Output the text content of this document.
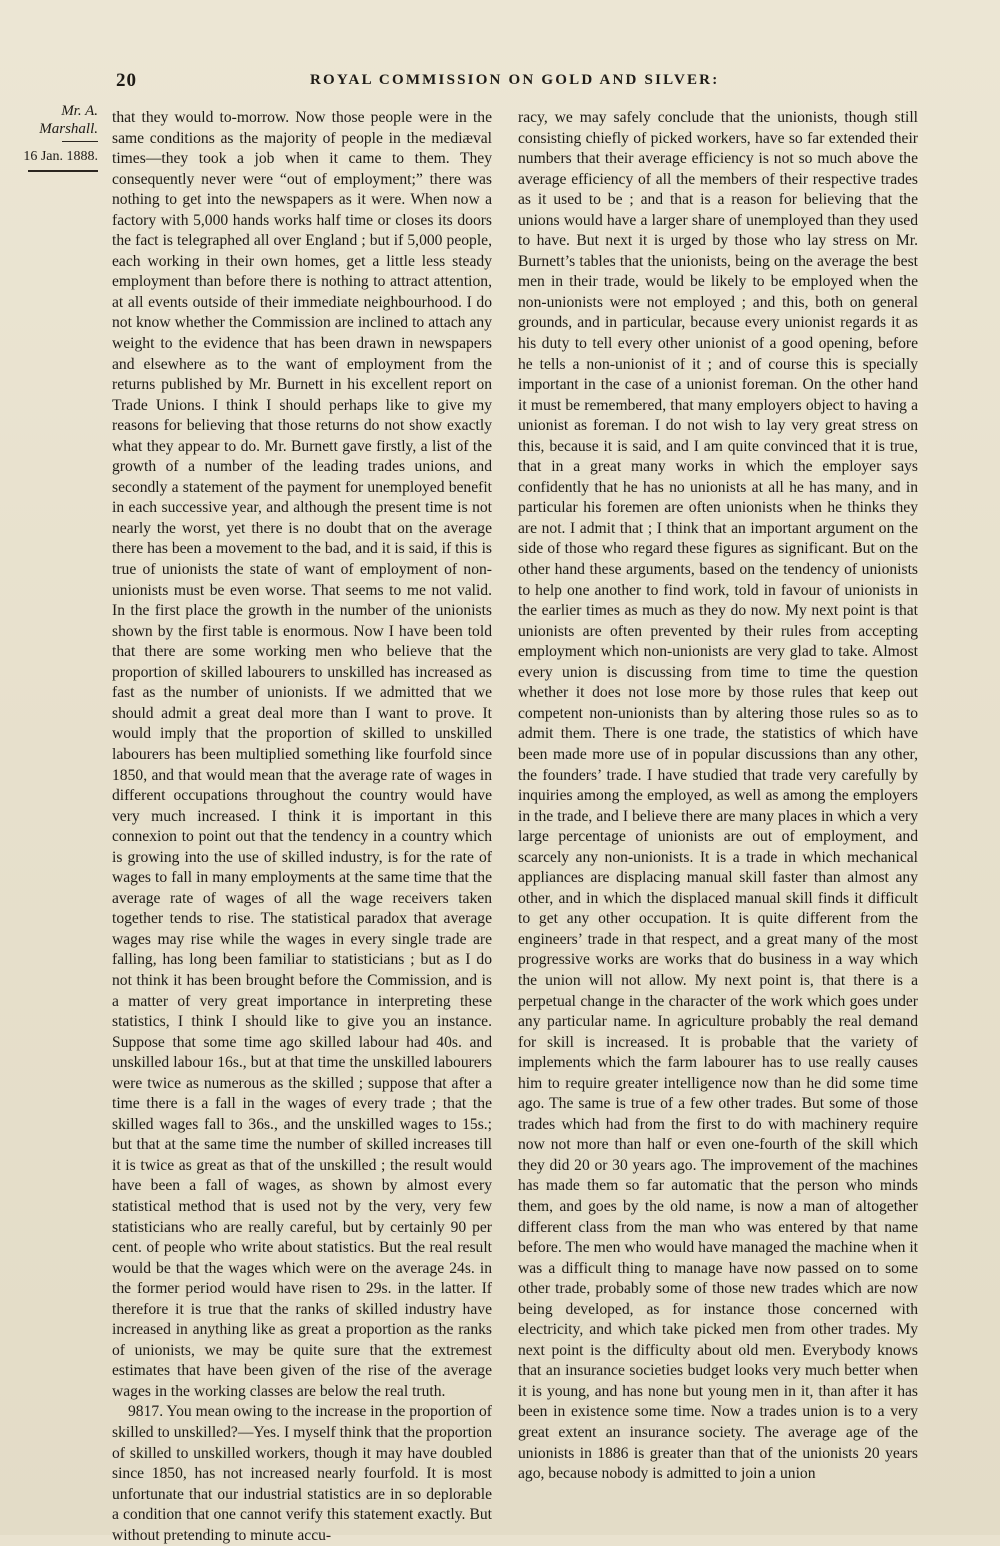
20	ROYAL COMMISSION ON GOLD AND SILVER:
Mr. A. Marshall.
16 Jan. 1888.

that they would to-morrow. Now those people were in the same conditions as the majority of people in the mediæval times—they took a job when it came to them. They consequently never were “out of employment;” there was nothing to get into the newspapers as it were. When now a factory with 5,000 hands works half time or closes its doors the fact is telegraphed all over England ; but if 5,000 people, each working in their own homes, get a little less steady employment than before there is nothing to attract attention, at all events outside of their immediate neighbourhood. I do not know whether the Commission are inclined to attach any weight to the evidence that has been drawn in newspapers and elsewhere as to the want of employment from the returns published by Mr. Burnett in his excellent report on Trade Unions. I think I should perhaps like to give my reasons for believing that those returns do not show exactly what they appear to do. Mr. Burnett gave firstly, a list of the growth of a number of the leading trades unions, and secondly a statement of the payment for unemployed benefit in each successive year, and although the present time is not nearly the worst, yet there is no doubt that on the average there has been a movement to the bad, and it is said, if this is true of unionists the state of want of employment of non-unionists must be even worse. That seems to me not valid. In the first place the growth in the number of the unionists shown by the first table is enormous. Now I have been told that there are some working men who believe that the proportion of skilled labourers to unskilled has increased as fast as the number of unionists. If we admitted that we should admit a great deal more than I want to prove. It would imply that the proportion of skilled to unskilled labourers has been multiplied something like fourfold since 1850, and that would mean that the average rate of wages in different occupations throughout the country would have very much increased. I think it is important in this connexion to point out that the tendency in a country which is growing into the use of skilled industry, is for the rate of wages to fall in many employments at the same time that the average rate of wages of all the wage receivers taken together tends to rise. The statistical paradox that average wages may rise while the wages in every single trade are falling, has long been familiar to statisticians ; but as I do not think it has been brought before the Commission, and is a matter of very great importance in interpreting these statistics, I think I should like to give you an instance. Suppose that some time ago skilled labour had 40s. and unskilled labour 16s., but at that time the unskilled labourers were twice as numerous as the skilled ; suppose that after a time there is a fall in the wages of every trade ; that the skilled wages fall to 36s., and the unskilled wages to 15s.; but that at the same time the number of skilled increases till it is twice as great as that of the unskilled ; the result would have been a fall of wages, as shown by almost every statistical method that is used not by the very, very few statisticians who are really careful, but by certainly 90 per cent. of people who write about statistics. But the real result would be that the wages which were on the average 24s. in the former period would have risen to 29s. in the latter. If therefore it is true that the ranks of skilled industry have increased in anything like as great a proportion as the ranks of unionists, we may be quite sure that the extremest estimates that have been given of the rise of the average wages in the working classes are below the real truth.

9817. You mean owing to the increase in the proportion of skilled to unskilled?—Yes. I myself think that the proportion of skilled to unskilled workers, though it may have doubled since 1850, has not increased nearly fourfold. It is most unfortunate that our industrial statistics are in so deplorable a condition that one cannot verify this statement exactly. But without pretending to minute accu-

racy, we may safely conclude that the unionists, though still consisting chiefly of picked workers, have so far extended their numbers that their average efficiency is not so much above the average efficiency of all the members of their respective trades as it used to be ; and that is a reason for believing that the unions would have a larger share of unemployed than they used to have. But next it is urged by those who lay stress on Mr. Burnett’s tables that the unionists, being on the average the best men in their trade, would be likely to be employed when the non-unionists were not employed ; and this, both on general grounds, and in particular, because every unionist regards it as his duty to tell every other unionist of a good opening, before he tells a non-unionist of it ; and of course this is specially important in the case of a unionist foreman. On the other hand it must be remembered, that many employers object to having a unionist as foreman. I do not wish to lay very great stress on this, because it is said, and I am quite convinced that it is true, that in a great many works in which the employer says confidently that he has no unionists at all he has many, and in particular his foremen are often unionists when he thinks they are not. I admit that ; I think that an important argument on the side of those who regard these figures as significant. But on the other hand these arguments, based on the tendency of unionists to help one another to find work, told in favour of unionists in the earlier times as much as they do now. My next point is that unionists are often prevented by their rules from accepting employment which non-unionists are very glad to take. Almost every union is discussing from time to time the question whether it does not lose more by those rules that keep out competent non-unionists than by altering those rules so as to admit them. There is one trade, the statistics of which have been made more use of in popular discussions than any other, the founders’ trade. I have studied that trade very carefully by inquiries among the employed, as well as among the employers in the trade, and I believe there are many places in which a very large percentage of unionists are out of employment, and scarcely any non-unionists. It is a trade in which mechanical appliances are displacing manual skill faster than almost any other, and in which the displaced manual skill finds it difficult to get any other occupation. It is quite different from the engineers’ trade in that respect, and a great many of the most progressive works are works that do business in a way which the union will not allow. My next point is, that there is a perpetual change in the character of the work which goes under any particular name. In agriculture probably the real demand for skill is increased. It is probable that the variety of implements which the farm labourer has to use really causes him to require greater intelligence now than he did some time ago. The same is true of a few other trades. But some of those trades which had from the first to do with machinery require now not more than half or even one-fourth of the skill which they did 20 or 30 years ago. The improvement of the machines has made them so far automatic that the person who minds them, and goes by the old name, is now a man of altogether different class from the man who was entered by that name before. The men who would have managed the machine when it was a difficult thing to manage have now passed on to some other trade, probably some of those new trades which are now being developed, as for instance those concerned with electricity, and which take picked men from other trades. My next point is the difficulty about old men. Everybody knows that an insurance societies budget looks very much better when it is young, and has none but young men in it, than after it has been in existence some time. Now a trades union is to a very great extent an insurance society. The average age of the unionists in 1886 is greater than that of the unionists 20 years ago, because nobody is admitted to join a union
